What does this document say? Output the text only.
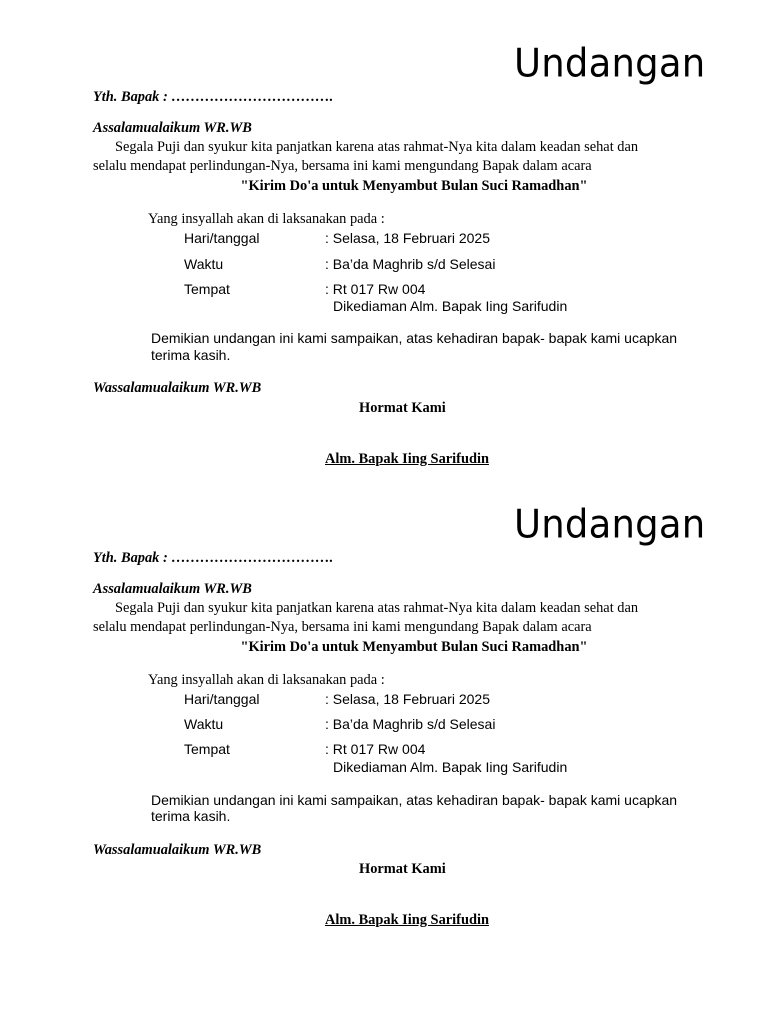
Undangan
Yth. Bapak : …………………………….
Assalamualaikum WR.WB
Segala Puji dan syukur kita panjatkan karena atas rahmat-Nya kita dalam keadan sehat dan
selalu mendapat perlindungan-Nya, bersama ini kami mengundang Bapak dalam acara
"Kirim Do'a untuk Menyambut Bulan Suci Ramadhan"
Yang insyallah akan di laksanakan pada :
Hari/tanggal	: Selasa, 18 Februari 2025
Waktu	: Ba’da Maghrib s/d Selesai
Tempat	: Rt 017 Rw 004
Dikediaman Alm. Bapak Iing Sarifudin
Demikian undangan ini kami sampaikan, atas kehadiran bapak- bapak kami ucapkan
terima kasih.
Wassalamualaikum WR.WB
Hormat Kami
Alm. Bapak Iing Sarifudin
Undangan
Yth. Bapak : …………………………….
Assalamualaikum WR.WB
Segala Puji dan syukur kita panjatkan karena atas rahmat-Nya kita dalam keadan sehat dan
selalu mendapat perlindungan-Nya, bersama ini kami mengundang Bapak dalam acara
"Kirim Do'a untuk Menyambut Bulan Suci Ramadhan"
Yang insyallah akan di laksanakan pada :
Hari/tanggal	: Selasa, 18 Februari 2025
Waktu	: Ba’da Maghrib s/d Selesai
Tempat	: Rt 017 Rw 004
Dikediaman Alm. Bapak Iing Sarifudin
Demikian undangan ini kami sampaikan, atas kehadiran bapak- bapak kami ucapkan
terima kasih.
Wassalamualaikum WR.WB
Hormat Kami
Alm. Bapak Iing Sarifudin
